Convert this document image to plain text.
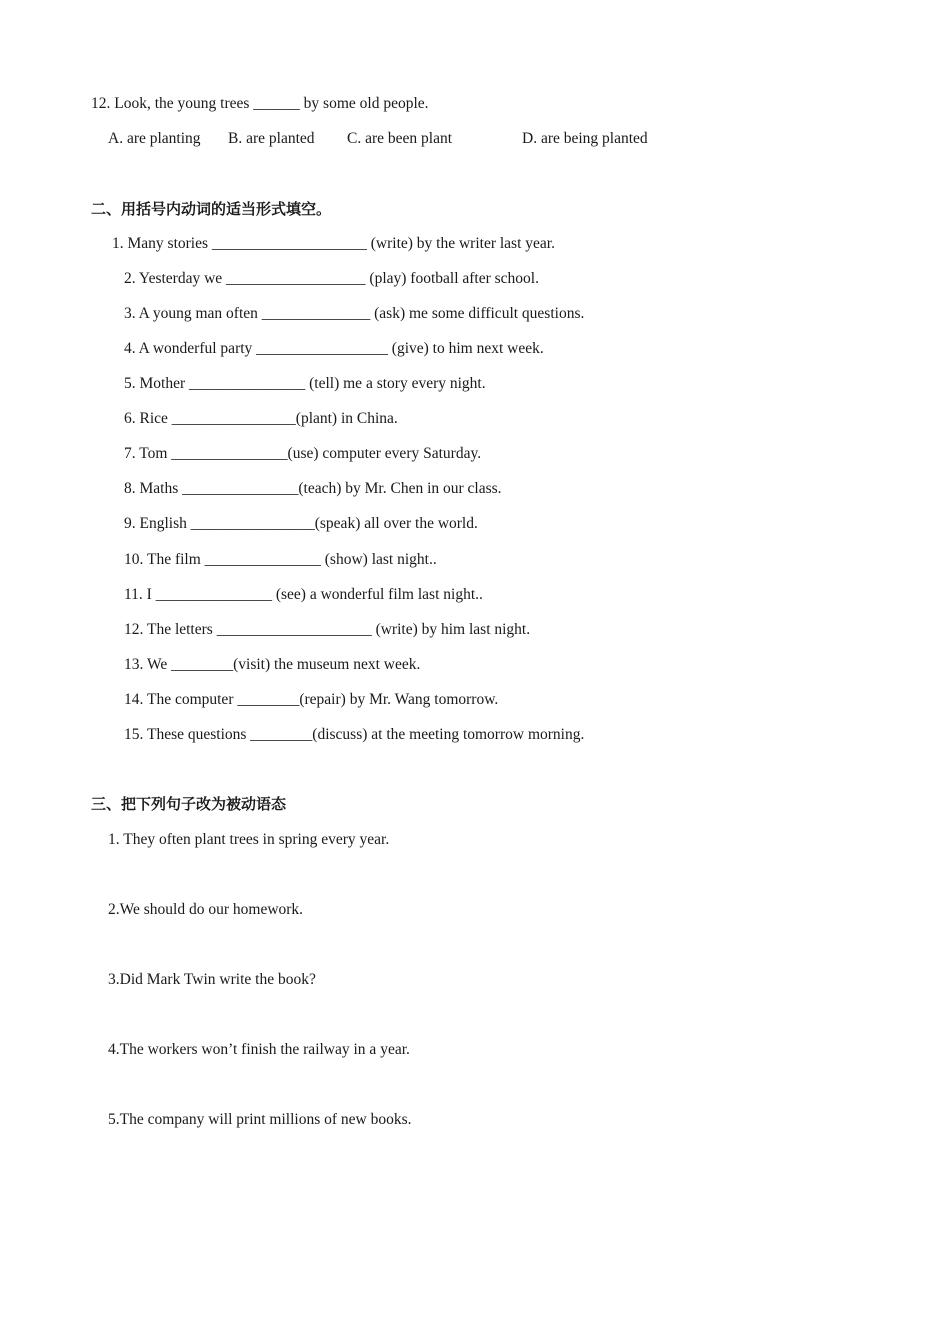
12. Look, the young trees ______ by some old people.
A. are planting B. are planted C. are been plant	D. are being planted
二、用括号内动词的适当形式填空。
1. Many stories ____________________ (write) by the writer last year.
2. Yesterday we __________________ (play) football after school.
3. A young man often ______________ (ask) me some difficult questions.
4. A wonderful party _________________ (give) to him next week.
5. Mother _______________ (tell) me a story every night.
6. Rice ________________(plant) in China.
7. Tom _______________(use) computer every Saturday.
8. Maths _______________(teach) by Mr. Chen in our class.
9. English ________________(speak) all over the world.
10. The film _______________ (show) last night..
11. I _______________ (see) a wonderful film last night..
12. The letters ____________________ (write) by him last night.
13. We ________(visit) the museum next week.
14. The computer ________(repair) by Mr. Wang tomorrow.
15. These questions ________(discuss) at the meeting tomorrow morning.
三、把下列句子改为被动语态
1. They often plant trees in spring every year.
2.We should do our homework.
3.Did Mark Twin write the book?
4.The workers won’t finish the railway in a year.
5.The company will print millions of new books.
